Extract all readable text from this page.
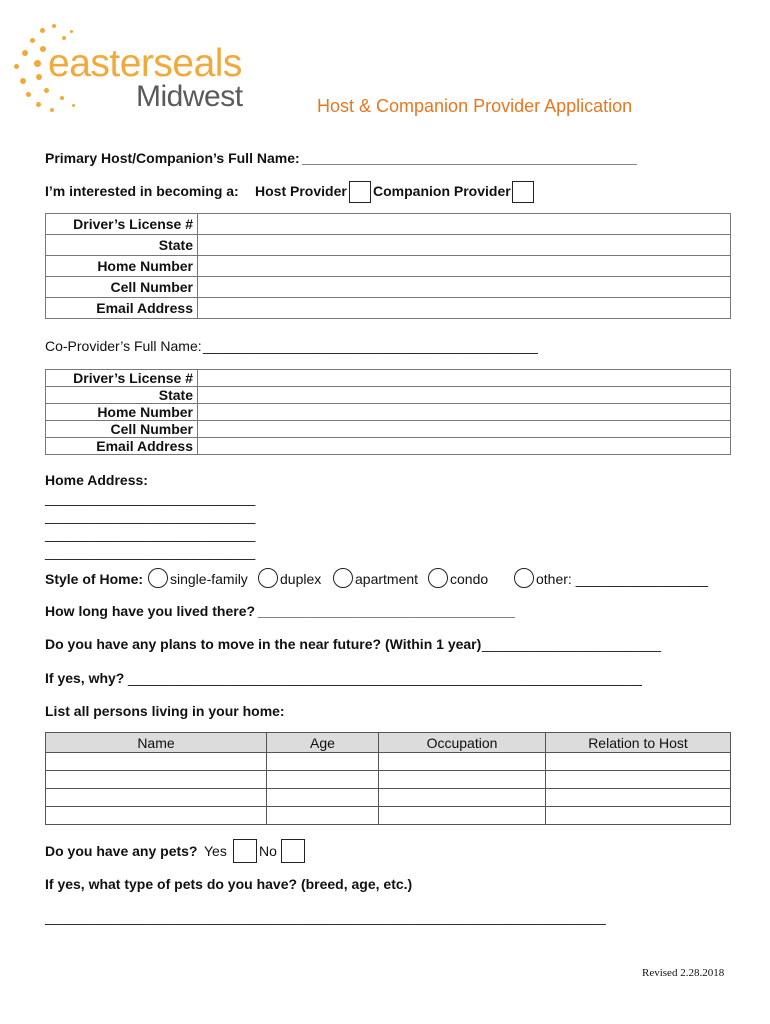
easterseals
Midwest	Host & Companion Provider Application
Primary Host/Companion’s Full Name: ___________________________________________
I’m interested in becoming a: Host Provider Companion Provider
Driver’s License #	
State	
Home Number	
Cell Number	
Email Address	
Co-Provider’s Full Name: ___________________________________________
Driver’s License #	
State	
Home Number	
Cell Number	
Email Address	
Home Address:
___________________________
___________________________
___________________________
___________________________
Style of Home: single-family duplex apartment condo	other: _________________
How long have you lived there? _________________________________
Do you have any plans to move in the near future? (Within 1 year) _______________________
If yes, why? __________________________________________________________________
List all persons living in your home:
Name	Age	Occupation	Relation to Host

Do you have any pets? Yes No
If yes, what type of pets do you have? (breed, age, etc.)
________________________________________________________________________
Revised 2.28.2018
